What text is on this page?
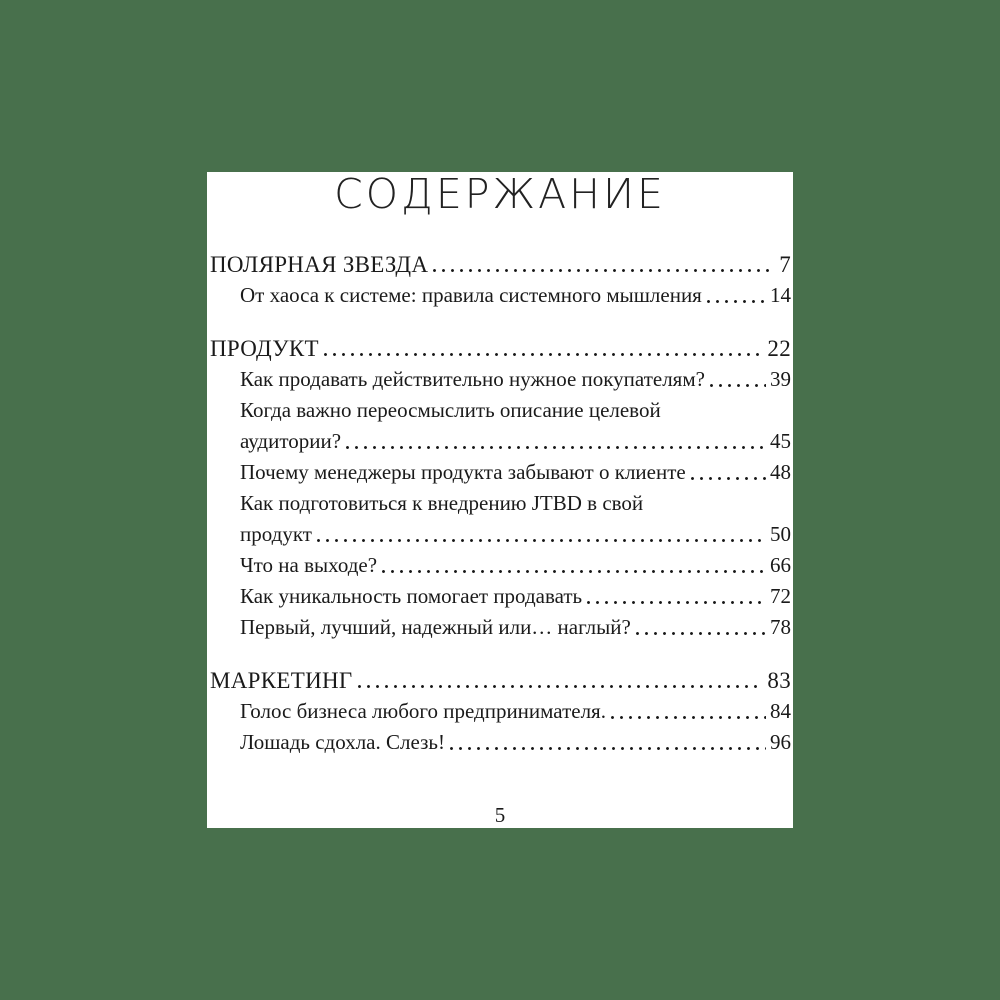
СОДЕРЖАНИЕ
ПОЛЯРНАЯ ЗВЕЗДА	7
От хаоса к системе: правила системного мышления	14
ПРОДУКТ	22
Как продавать действительно нужное покупателям?	39
Когда важно переосмыслить описание целевой
аудитории?	45
Почему менеджеры продукта забывают о клиенте	48
Как подготовиться к внедрению JTBD в свой
продукт	50
Что на выходе?	66
Как уникальность помогает продавать	72
Первый, лучший, надежный или… наглый?	78
МАРКЕТИНГ	83
Голос бизнеса любого предпринимателя.	84
Лошадь сдохла. Слезь!	96
5
